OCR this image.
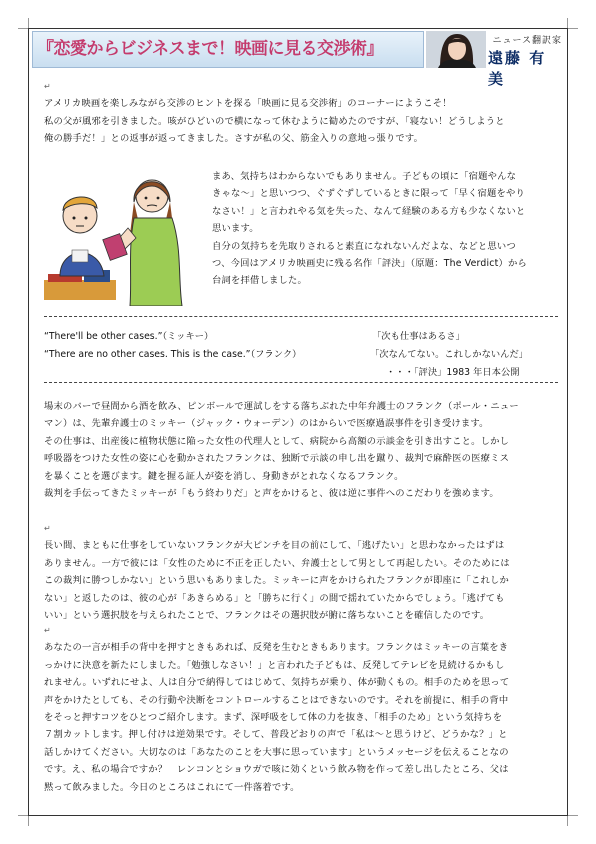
『恋愛からビジネスまで！映画に見る交渉術』	ニュース翻訳家
遠藤 有美
↵
アメリカ映画を楽しみながら交渉のヒントを探る「映画に見る交渉術」のコーナーにようこそ！
私の父が風邪を引きました。咳がひどいので横になって休むように勧めたのですが、「寝ない！どうしようと
俺の勝手だ！」との返事が返ってきました。さすが私の父、筋金入りの意地っ張りです。
まあ、気持ちはわからないでもありません。子どもの頃に「宿題やんな
きゃな～」と思いつつ、ぐずぐずしているときに限って「早く宿題をやり
なさい！」と言われやる気を失った、なんて経験のある方も少なくないと
思います。
自分の気持ちを先取りされると素直になれないんだよな、などと思いつ
つ、今回はアメリカ映画史に残る名作「評決」（原題：The Verdict）から
台詞を拝借しました。
“There'll be other cases.”（ミッキー）	「次も仕事はあるさ」
“There are no other cases. This is the case.”（フランク）	「次なんてない。これしかないんだ」
・・・「評決」1983 年日本公開
場末のバーで昼間から酒を飲み、ピンボールで運試しをする落ちぶれた中年弁護士のフランク（ポール・ニュー
マン）は、先輩弁護士のミッキー（ジャック・ウォーデン）のはからいで医療過誤事件を引き受けます。
その仕事は、出産後に植物状態に陥った女性の代理人として、病院から高額の示談金を引き出すこと。しかし
呼吸器をつけた女性の姿に心を動かされたフランクは、独断で示談の申し出を蹴り、裁判で麻酔医の医療ミス
を暴くことを選びます。鍵を握る証人が姿を消し、身動きがとれなくなるフランク。
裁判を手伝ってきたミッキーが「もう終わりだ」と声をかけると、彼は逆に事件へのこだわりを強めます。
↵
長い間、まともに仕事をしていないフランクが大ピンチを目の前にして、「逃げたい」と思わなかったはずは
ありません。一方で彼には「女性のために不正を正したい、弁護士として男として再起したい。そのためには
この裁判に勝つしかない」という思いもありました。ミッキーに声をかけられたフランクが即座に「これしか
ない」と返したのは、彼の心が「あきらめる」と「勝ちに行く」の間で揺れていたからでしょう。「逃げても
いい」という選択肢を与えられたことで、フランクはその選択肢が腑に落ちないことを確信したのです。
↵
あなたの一言が相手の背中を押すときもあれば、反発を生むときもあります。フランクはミッキーの言葉をき
っかけに決意を新たにしました。「勉強しなさい！」と言われた子どもは、反発してテレビを見続けるかもし
れません。いずれにせよ、人は自分で納得してはじめて、気持ちが乗り、体が動くもの。相手のためを思って
声をかけたとしても、その行動や決断をコントロールすることはできないのです。それを前提に、相手の背中
をそっと押すコツをひとつご紹介します。まず、深呼吸をして体の力を抜き、「相手のため」という気持ちを
７割カットします。押し付けは逆効果です。そして、普段どおりの声で「私は～と思うけど、どうかな？」と
話しかけてください。大切なのは「あなたのことを大事に思っています」というメッセージを伝えることなの
です。え、私の場合ですか？　レンコンとショウガで咳に効くという飲み物を作って差し出したところ、父は
黙って飲みました。今日のところはこれにて一件落着です。
